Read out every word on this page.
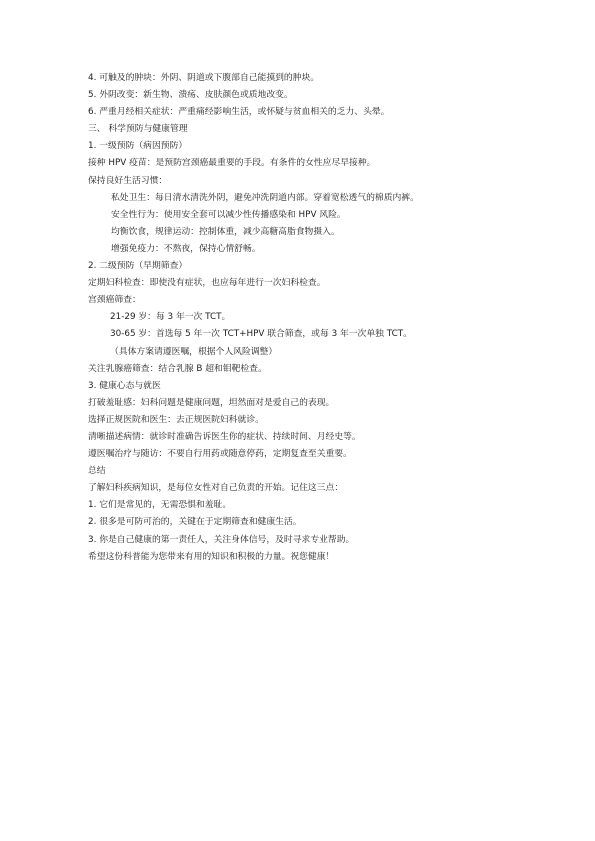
4. 可触及的肿块：外阴、阴道或下腹部自己能摸到的肿块。
5. 外阴改变：新生物、溃疡、皮肤颜色或质地改变。
6. 严重月经相关症状：严重痛经影响生活，或怀疑与贫血相关的乏力、头晕。
三、 科学预防与健康管理
1. 一级预防（病因预防）
接种 HPV 疫苗：是预防宫颈癌最重要的手段。有条件的女性应尽早接种。
保持良好生活习惯：
私处卫生：每日清水清洗外阴，避免冲洗阴道内部。穿着宽松透气的棉质内裤。
安全性行为：使用安全套可以减少性传播感染和 HPV 风险。
均衡饮食，规律运动：控制体重，减少高糖高脂食物摄入。
增强免疫力：不熬夜，保持心情舒畅。
2. 二级预防（早期筛查）
定期妇科检查：即使没有症状，也应每年进行一次妇科检查。
宫颈癌筛查：
21-29 岁：每 3 年一次 TCT。
30-65 岁：首选每 5 年一次 TCT+HPV 联合筛查，或每 3 年一次单独 TCT。
（具体方案请遵医嘱，根据个人风险调整）
关注乳腺癌筛查：结合乳腺 B 超和钼靶检查。
3. 健康心态与就医
打破羞耻感：妇科问题是健康问题，坦然面对是爱自己的表现。
选择正规医院和医生：去正规医院妇科就诊。
清晰描述病情：就诊时准确告诉医生你的症状、持续时间、月经史等。
遵医嘱治疗与随访：不要自行用药或随意停药，定期复查至关重要。
总结
了解妇科疾病知识，是每位女性对自己负责的开始。记住这三点：
1. 它们是常见的，无需恐惧和羞耻。
2. 很多是可防可治的，关键在于定期筛查和健康生活。
3. 你是自己健康的第一责任人，关注身体信号，及时寻求专业帮助。
希望这份科普能为您带来有用的知识和积极的力量。祝您健康！
